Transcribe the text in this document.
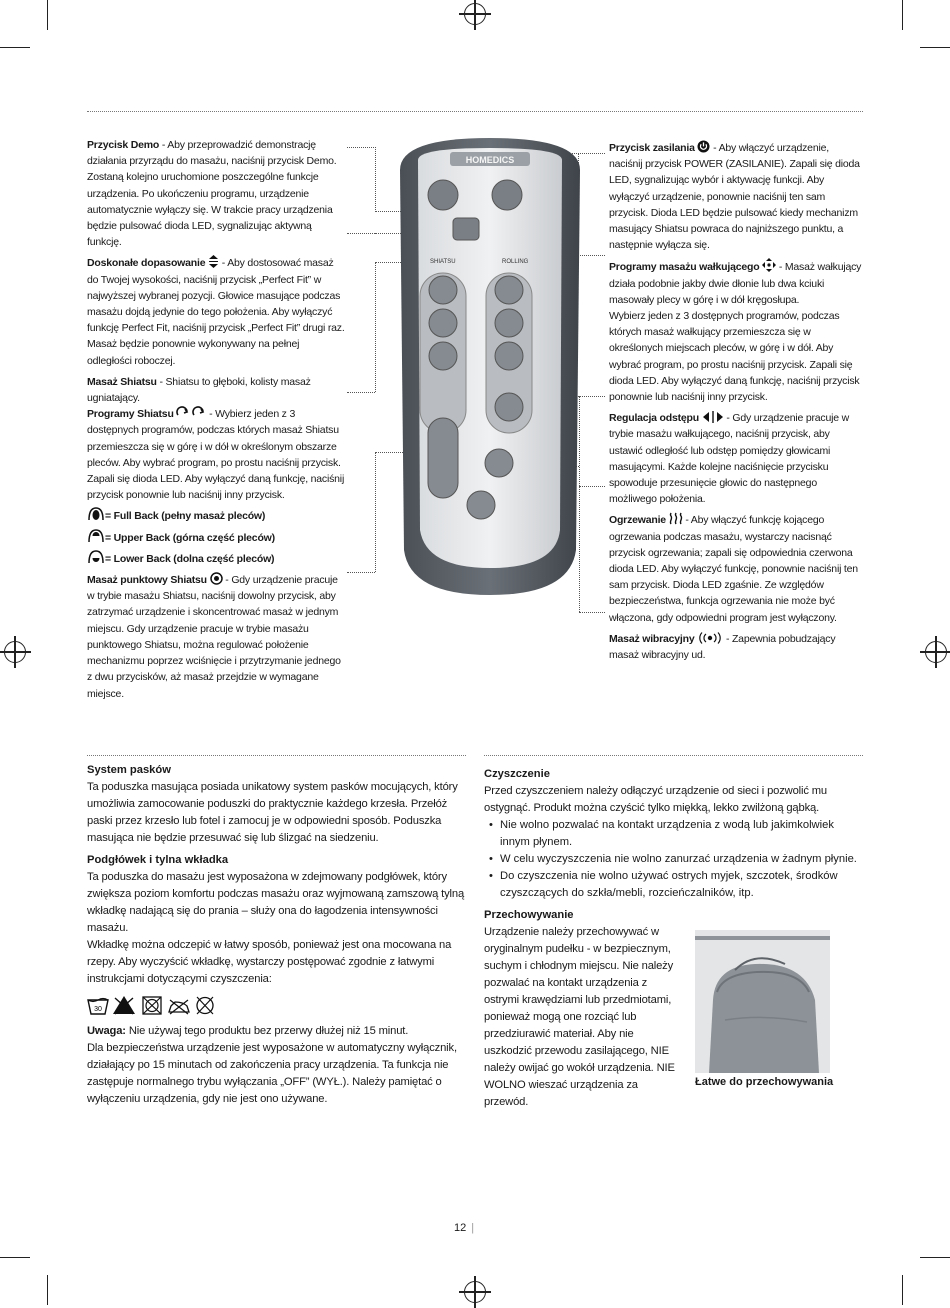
Przycisk Demo - Aby przeprowadzić demonstrację działania przyrządu do masażu, naciśnij przycisk Demo. Zostaną kolejno uruchomione poszczególne funkcje urządzenia. Po ukończeniu programu, urządzenie automatycznie wyłączy się. W trakcie pracy urządzenia będzie pulsować dioda LED, sygnalizując aktywną funkcję.

Doskonałe dopasowanie  - Aby dostosować masaż do Twojej wysokości, naciśnij przycisk „Perfect Fit” w najwyższej wybranej pozycji. Głowice masujące podczas masażu dojdą jedynie do tego położenia. Aby wyłączyć funkcję Perfect Fit, naciśnij przycisk „Perfect Fit” drugi raz. Masaż będzie ponownie wykonywany na pełnej odległości roboczej.

Masaż Shiatsu - Shiatsu to głęboki, kolisty masaż ugniatający.

Programy Shiatsu	- Wybierz jeden z 3 dostępnych programów, podczas których masaż Shiatsu przemieszcza się w górę i w dół w określonym obszarze pleców. Aby wybrać program, po prostu naciśnij przycisk. Zapali się dioda LED. Aby wyłączyć daną funkcję, naciśnij przycisk ponownie lub naciśnij inny przycisk.

= Full Back (pełny masaż pleców)

= Upper Back (górna część pleców)

= Lower Back (dolna część pleców)

Masaż punktowy Shiatsu  - Gdy urządzenie pracuje w trybie masażu Shiatsu, naciśnij dowolny przycisk, aby zatrzymać urządzenie i skoncentrować masaż w jednym miejscu. Gdy urządzenie pracuje w trybie masażu punktowego Shiatsu, można regulować położenie mechanizmu poprzez wciśnięcie i przytrzymanie jednego z dwu przycisków, aż masaż przejdzie w wymagane miejsce.

Przycisk zasilania  - Aby włączyć urządzenie, naciśnij przycisk POWER (ZASILANIE). Zapali się dioda LED, sygnalizując wybór i aktywację funkcji. Aby wyłączyć urządzenie, ponownie naciśnij ten sam przycisk. Dioda LED będzie pulsować kiedy mechanizm masujący Shiatsu powraca do najniższego punktu, a następnie wyłącza się.

Programy masażu wałkującego  - Masaż wałkujący działa podobnie jakby dwie dłonie lub dwa kciuki masowały plecy w górę i w dół kręgosłupa.
Wybierz jeden z 3 dostępnych programów, podczas których masaż wałkujący przemieszcza się w określonych miejscach pleców, w górę i w dół. Aby wybrać program, po prostu naciśnij przycisk. Zapali się dioda LED. Aby wyłączyć daną funkcję, naciśnij przycisk ponownie lub naciśnij inny przycisk.

Regulacja odstępu  - Gdy urządzenie pracuje w trybie masażu wałkującego, naciśnij przycisk, aby ustawić odległość lub odstęp pomiędzy głowicami masującymi. Każde kolejne naciśnięcie przycisku spowoduje przesunięcie głowic do następnego możliwego położenia.

Ogrzewanie  - Aby włączyć funkcję kojącego ogrzewania podczas masażu, wystarczy nacisnąć przycisk ogrzewania; zapali się odpowiednia czerwona dioda LED. Aby wyłączyć funkcję, ponownie naciśnij ten sam przycisk. Dioda LED zgaśnie. Ze względów bezpieczeństwa, funkcja ogrzewania nie może być włączona, gdy odpowiedni program jest wyłączony.

Masaż wibracyjny	- Zapewnia pobudzający masaż wibracyjny ud.

HOMEDICS
SHIATSU	ROLLING

System pasków

Ta poduszka masująca posiada unikatowy system pasków mocujących, który umożliwia zamocowanie poduszki do praktycznie każdego krzesła. Przełóż paski przez krzesło lub fotel i zamocuj je w odpowiedni sposób. Poduszka masująca nie będzie przesuwać się lub ślizgać na siedzeniu.

Podgłówek i tylna wkładka

Ta poduszka do masażu jest wyposażona w zdejmowany podgłówek, który zwiększa poziom komfortu podczas masażu oraz wyjmowaną zamszową tylną wkładkę nadającą się do prania – służy ona do łagodzenia intensywności masażu.

Wkładkę można odczepić w łatwy sposób, ponieważ jest ona mocowana na rzepy. Aby wyczyścić wkładkę, wystarczy postępować zgodnie z łatwymi instrukcjami dotyczącymi czyszczenia:

30

Uwaga: Nie używaj tego produktu bez przerwy dłużej niż 15 minut.

Dla bezpieczeństwa urządzenie jest wyposażone w automatyczny wyłącznik, działający po 15 minutach od zakończenia pracy urządzenia. Ta funkcja nie zastępuje normalnego trybu wyłączania „OFF” (WYŁ.). Należy pamiętać o wyłączeniu urządzenia, gdy nie jest ono używane.

Czyszczenie

Przed czyszczeniem należy odłączyć urządzenie od sieci i pozwolić mu ostygnąć. Produkt można czyścić tylko miękką, lekko zwilżoną gąbką.

• Nie wolno pozwalać na kontakt urządzenia z wodą lub jakimkolwiek innym płynem.
• W celu wyczyszczenia nie wolno zanurzać urządzenia w żadnym płynie.
• Do czyszczenia nie wolno używać ostrych myjek, szczotek, środków czyszczących do szkła/mebli, rozcieńczalników, itp.

Przechowywanie

Urządzenie należy przechowywać w oryginalnym pudełku - w bezpiecznym, suchym i chłodnym miejscu. Nie należy pozwalać na kontakt urządzenia z ostrymi krawędziami lub przedmiotami, ponieważ mogą one rozciąć lub przedziurawić materiał. Aby nie uszkodzić przewodu zasilającego, NIE należy owijać go wokół urządzenia. NIE WOLNO wieszać urządzenia za przewód.

Łatwe do przechowywania

12 |
